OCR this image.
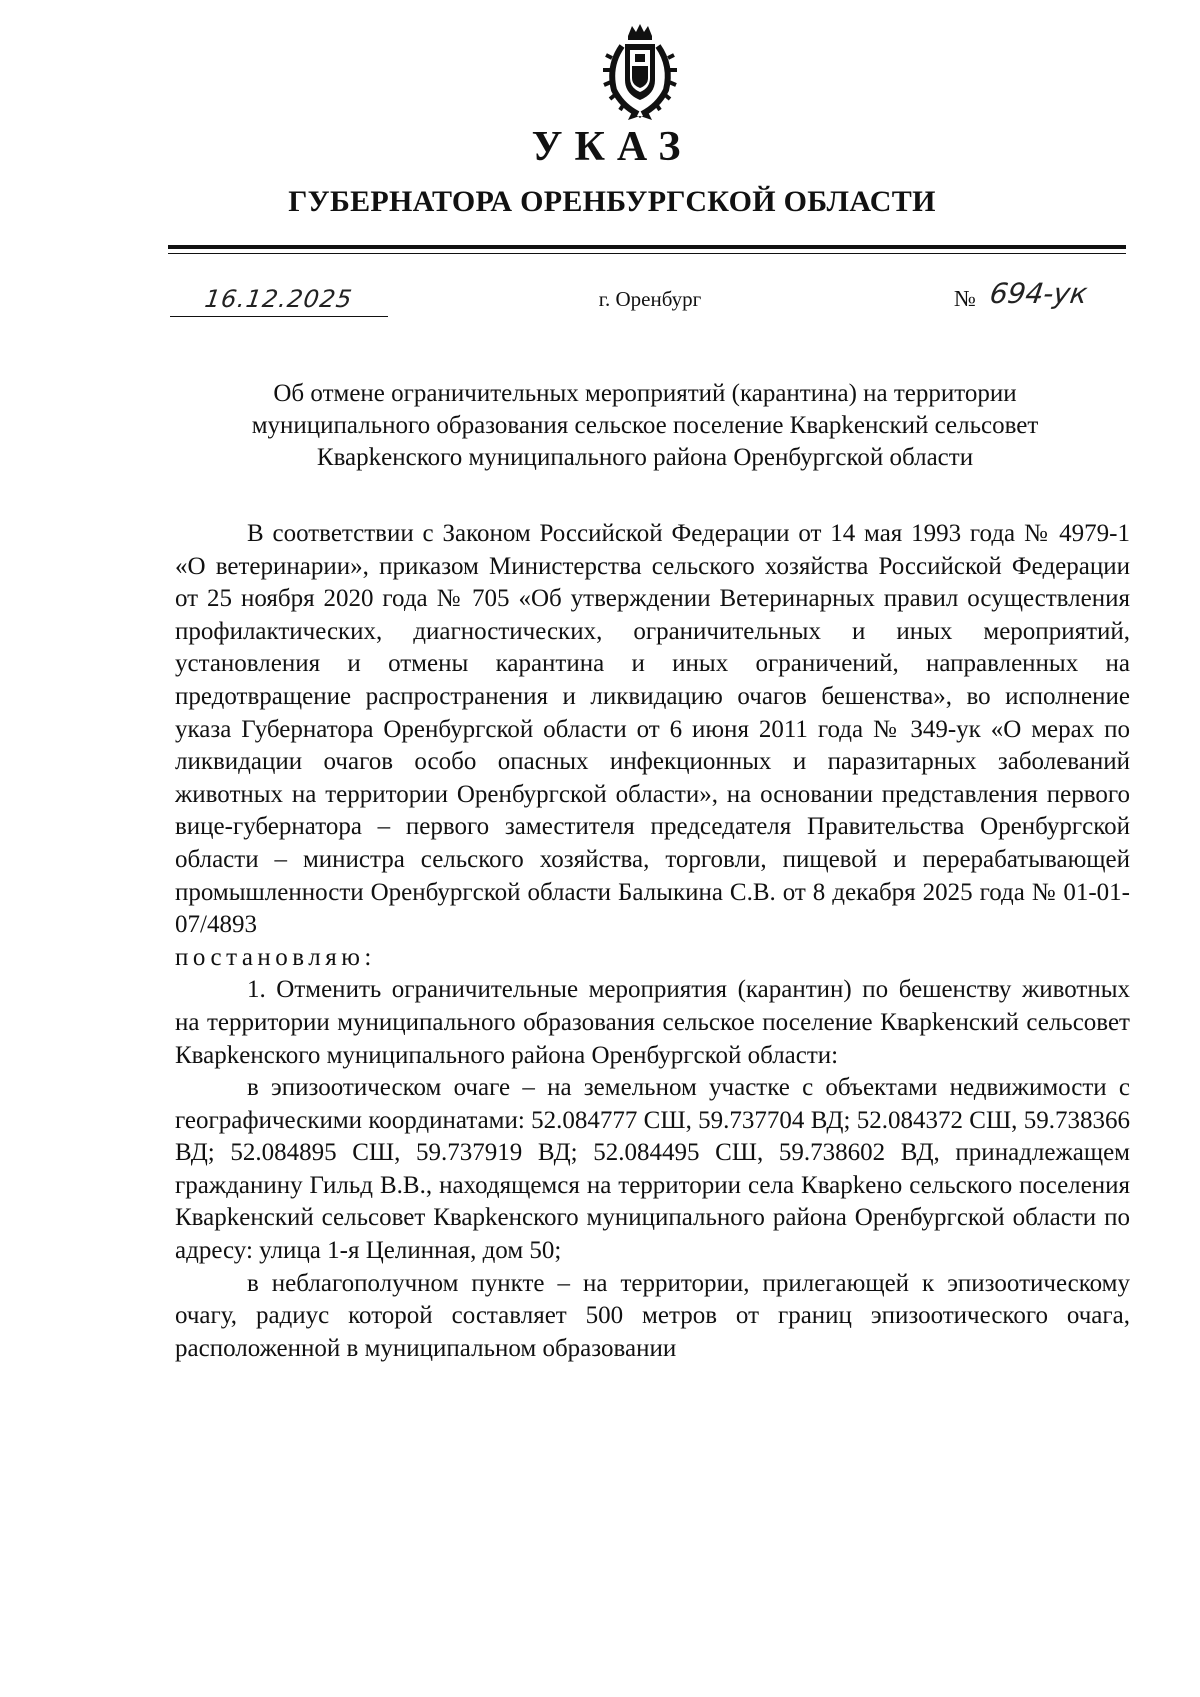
УКАЗ
ГУБЕРНАТОРА ОРЕНБУРГСКОЙ ОБЛАСТИ
16.12.2025	г. Оренбург	№ 694-ук
Об отмене ограничительных мероприятий (карантина) на территории
муниципального образования сельское поселение Кварkенский сельсовет
Кварkенского муниципального района Оренбургской области

В соответствии с Законом Российской Федерации от 14 мая 1993 года № 4979-1 «О ветеринарии», приказом Министерства сельского хозяйства Российской Федерации от 25 ноября 2020 года № 705 «Об утверждении Ветеринарных правил осуществления профилактических, диагностических, ограничительных и иных мероприятий, установления и отмены карантина и иных ограничений, направленных на предотвращение распространения и ликвидацию очагов бешенства», во исполнение указа Губернатора Оренбургской области от 6 июня 2011 года № 349-ук «О мерах по ликвидации очагов особо опасных инфекционных и паразитарных заболеваний животных на территории Оренбургской области», на основании представления первого вице-губернатора – первого заместителя председателя Правительства Оренбургской области – министра сельского хозяйства, торговли, пищевой и перерабатывающей промышленности Оренбургской области Балыкина С.В. от 8 декабря 2025 года № 01-01-07/4893

постановляю:

1. Отменить ограничительные мероприятия (карантин) по бешенству животных на территории муниципального образования сельское поселение Кварkенский сельсовет Кварkенского муниципального района Оренбургской области:

в эпизоотическом очаге – на земельном участке с объектами недвижимости с географическими координатами: 52.084777 СШ, 59.737704 ВД; 52.084372 СШ, 59.738366 ВД; 52.084895 СШ, 59.737919 ВД; 52.084495 СШ, 59.738602 ВД, принадлежащем гражданину Гильд В.В., находящемся на территории села Кварkено сельского поселения Кварkенский сельсовет Кварkенского муниципального района Оренбургской области по адресу: улица 1-я Целинная, дом 50;

в неблагополучном пункте – на территории, прилегающей к эпизоотическому очагу, радиус которой составляет 500 метров от границ эпизоотического очага, расположенной в муниципальном образовании
